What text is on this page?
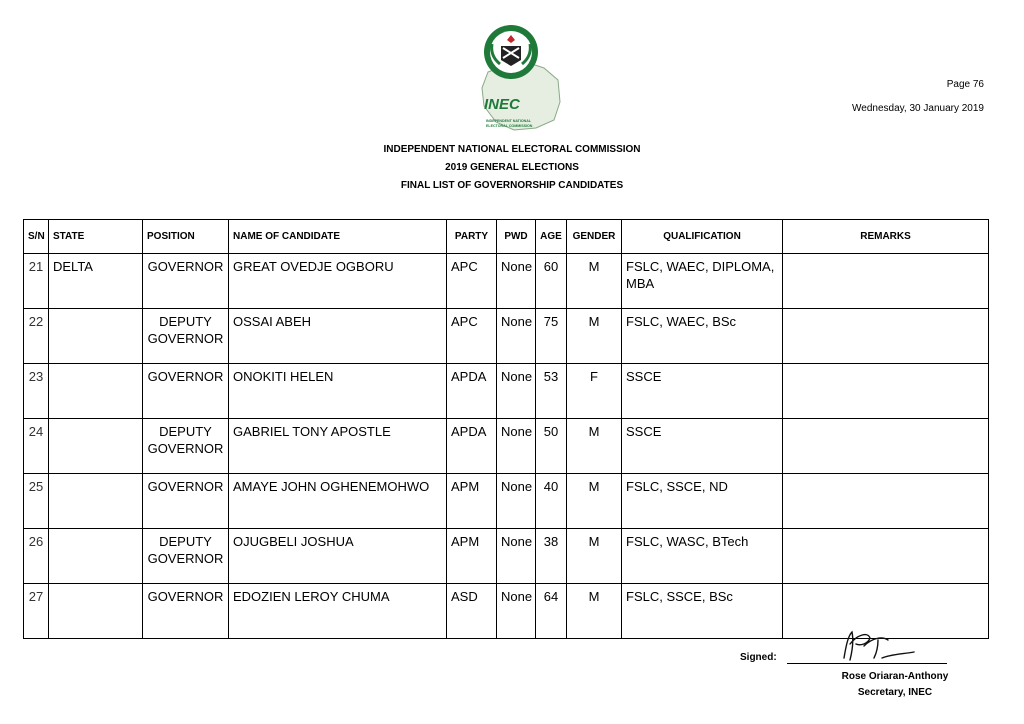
INEC
INDEPENDENT NATIONAL
ELECTORAL COMMISSION
Page 76
Wednesday, 30 January 2019
INDEPENDENT NATIONAL ELECTORAL COMMISSION
2019 GENERAL ELECTIONS
FINAL LIST OF GOVERNORSHIP CANDIDATES
S/N	STATE	POSITION	NAME OF CANDIDATE	PARTY	PWD	AGE	GENDER	QUALIFICATION	REMARKS
21	DELTA	GOVERNOR	GREAT OVEDJE OGBORU	APC	None	60	M	FSLC, WAEC, DIPLOMA, MBA	
22		DEPUTY GOVERNOR	OSSAI ABEH	APC	None	75	M	FSLC, WAEC, BSc	
23		GOVERNOR	ONOKITI HELEN	APDA	None	53	F	SSCE	
24		DEPUTY GOVERNOR	GABRIEL TONY APOSTLE	APDA	None	50	M	SSCE	
25		GOVERNOR	AMAYE JOHN OGHENEMOHWO	APM	None	40	M	FSLC, SSCE, ND	
26		DEPUTY GOVERNOR	OJUGBELI JOSHUA	APM	None	38	M	FSLC, WASC, BTech	
27		GOVERNOR	EDOZIEN LEROY CHUMA	ASD	None	64	M	FSLC, SSCE, BSc	
Signed:
Rose Oriaran-Anthony
Secretary, INEC
